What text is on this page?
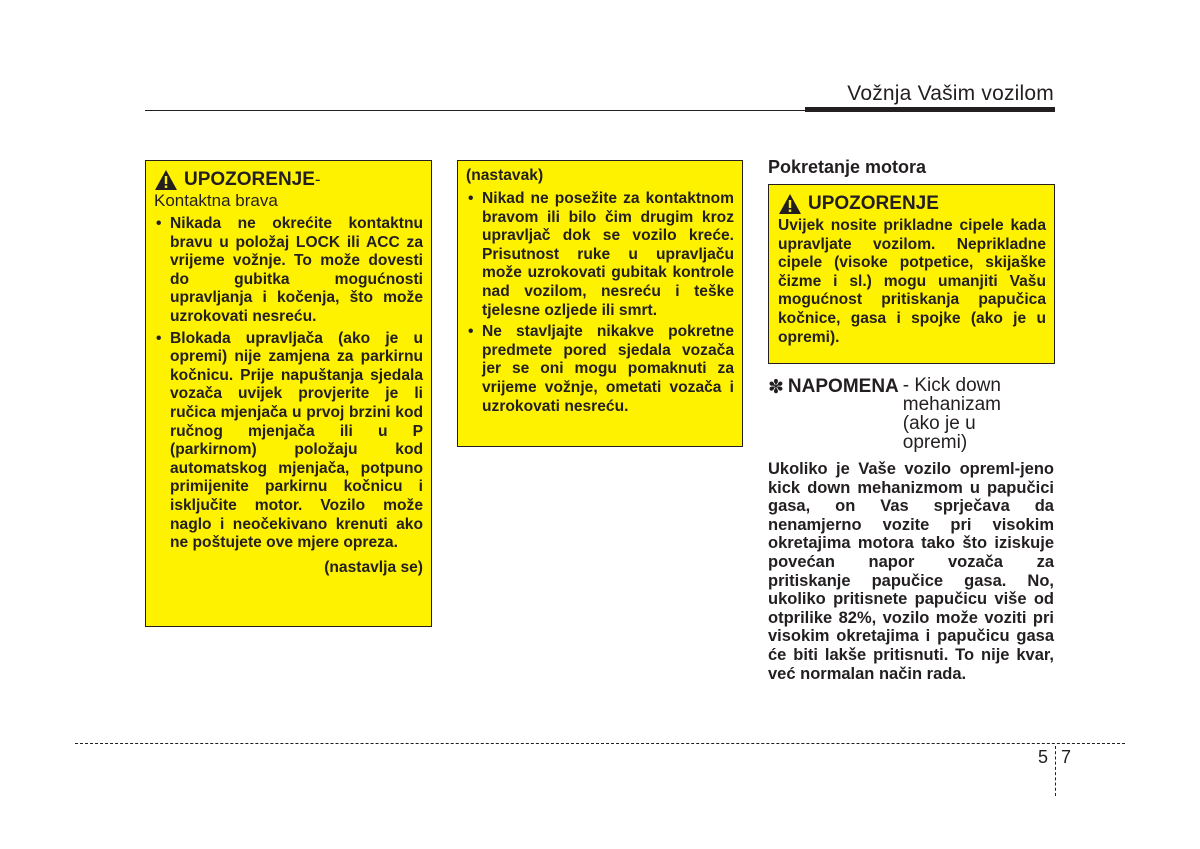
Vožnja Vašim vozilom
UPOZORENJE -
Kontaktna brava
• Nikada ne okrećite kontaktnu bravu u položaj LOCK ili ACC za vrijeme vožnje. To može dovesti do gubitka mogućnosti upravljanja i kočenja, što može uzrokovati nesreću.
• Blokada upravljača (ako je u opremi) nije zamjena za parkirnu kočnicu. Prije napuštanja sjedala vozača uvijek provjerite je li ručica mjenjača u prvoj brzini kod ručnog mjenjača ili u P (parkirnom) položaju kod automatskog mjenjača, potpuno primijenite parkirnu kočnicu i isključite motor. Vozilo može naglo i neočekivano krenuti ako ne poštujete ove mjere opreza.
(nastavlja se)
(nastavak)
• Nikad ne posežite za kontaktnom bravom ili bilo čim drugim kroz upravljač dok se vozilo kreće. Prisutnost ruke u upravljaču može uzrokovati gubitak kontrole nad vozilom, nesreću i teške tjelesne ozljede ili smrt.
• Ne stavljajte nikakve pokretne predmete pored sjedala vozača jer se oni mogu pomaknuti za vrijeme vožnje, ometati vozača i uzrokovati nesreću.
Pokretanje motora
UPOZORENJE
Uvijek nosite prikladne cipele kada upravljate vozilom. Neprikladne cipele (visoke potpetice, skijaške čizme i sl.) mogu umanjiti Vašu mogućnost pritiskanja papučica kočnice, gasa i spojke (ako je u opremi).
✽ NAPOMENA - Kick down mehanizam (ako je u opremi)
Ukoliko je Vaše vozilo opreml-jeno kick down mehanizmom u papučici gasa, on Vas sprječava da nenamjerno vozite pri visokim okretajima motora tako što iziskuje povećan napor vozača za pritiskanje papučice gasa. No, ukoliko pritisnete papučicu više od otprilike 82%, vozilo može voziti pri visokim okretajima i papučicu gasa će biti lakše pritisnuti. To nije kvar, već normalan način rada.
5 7
